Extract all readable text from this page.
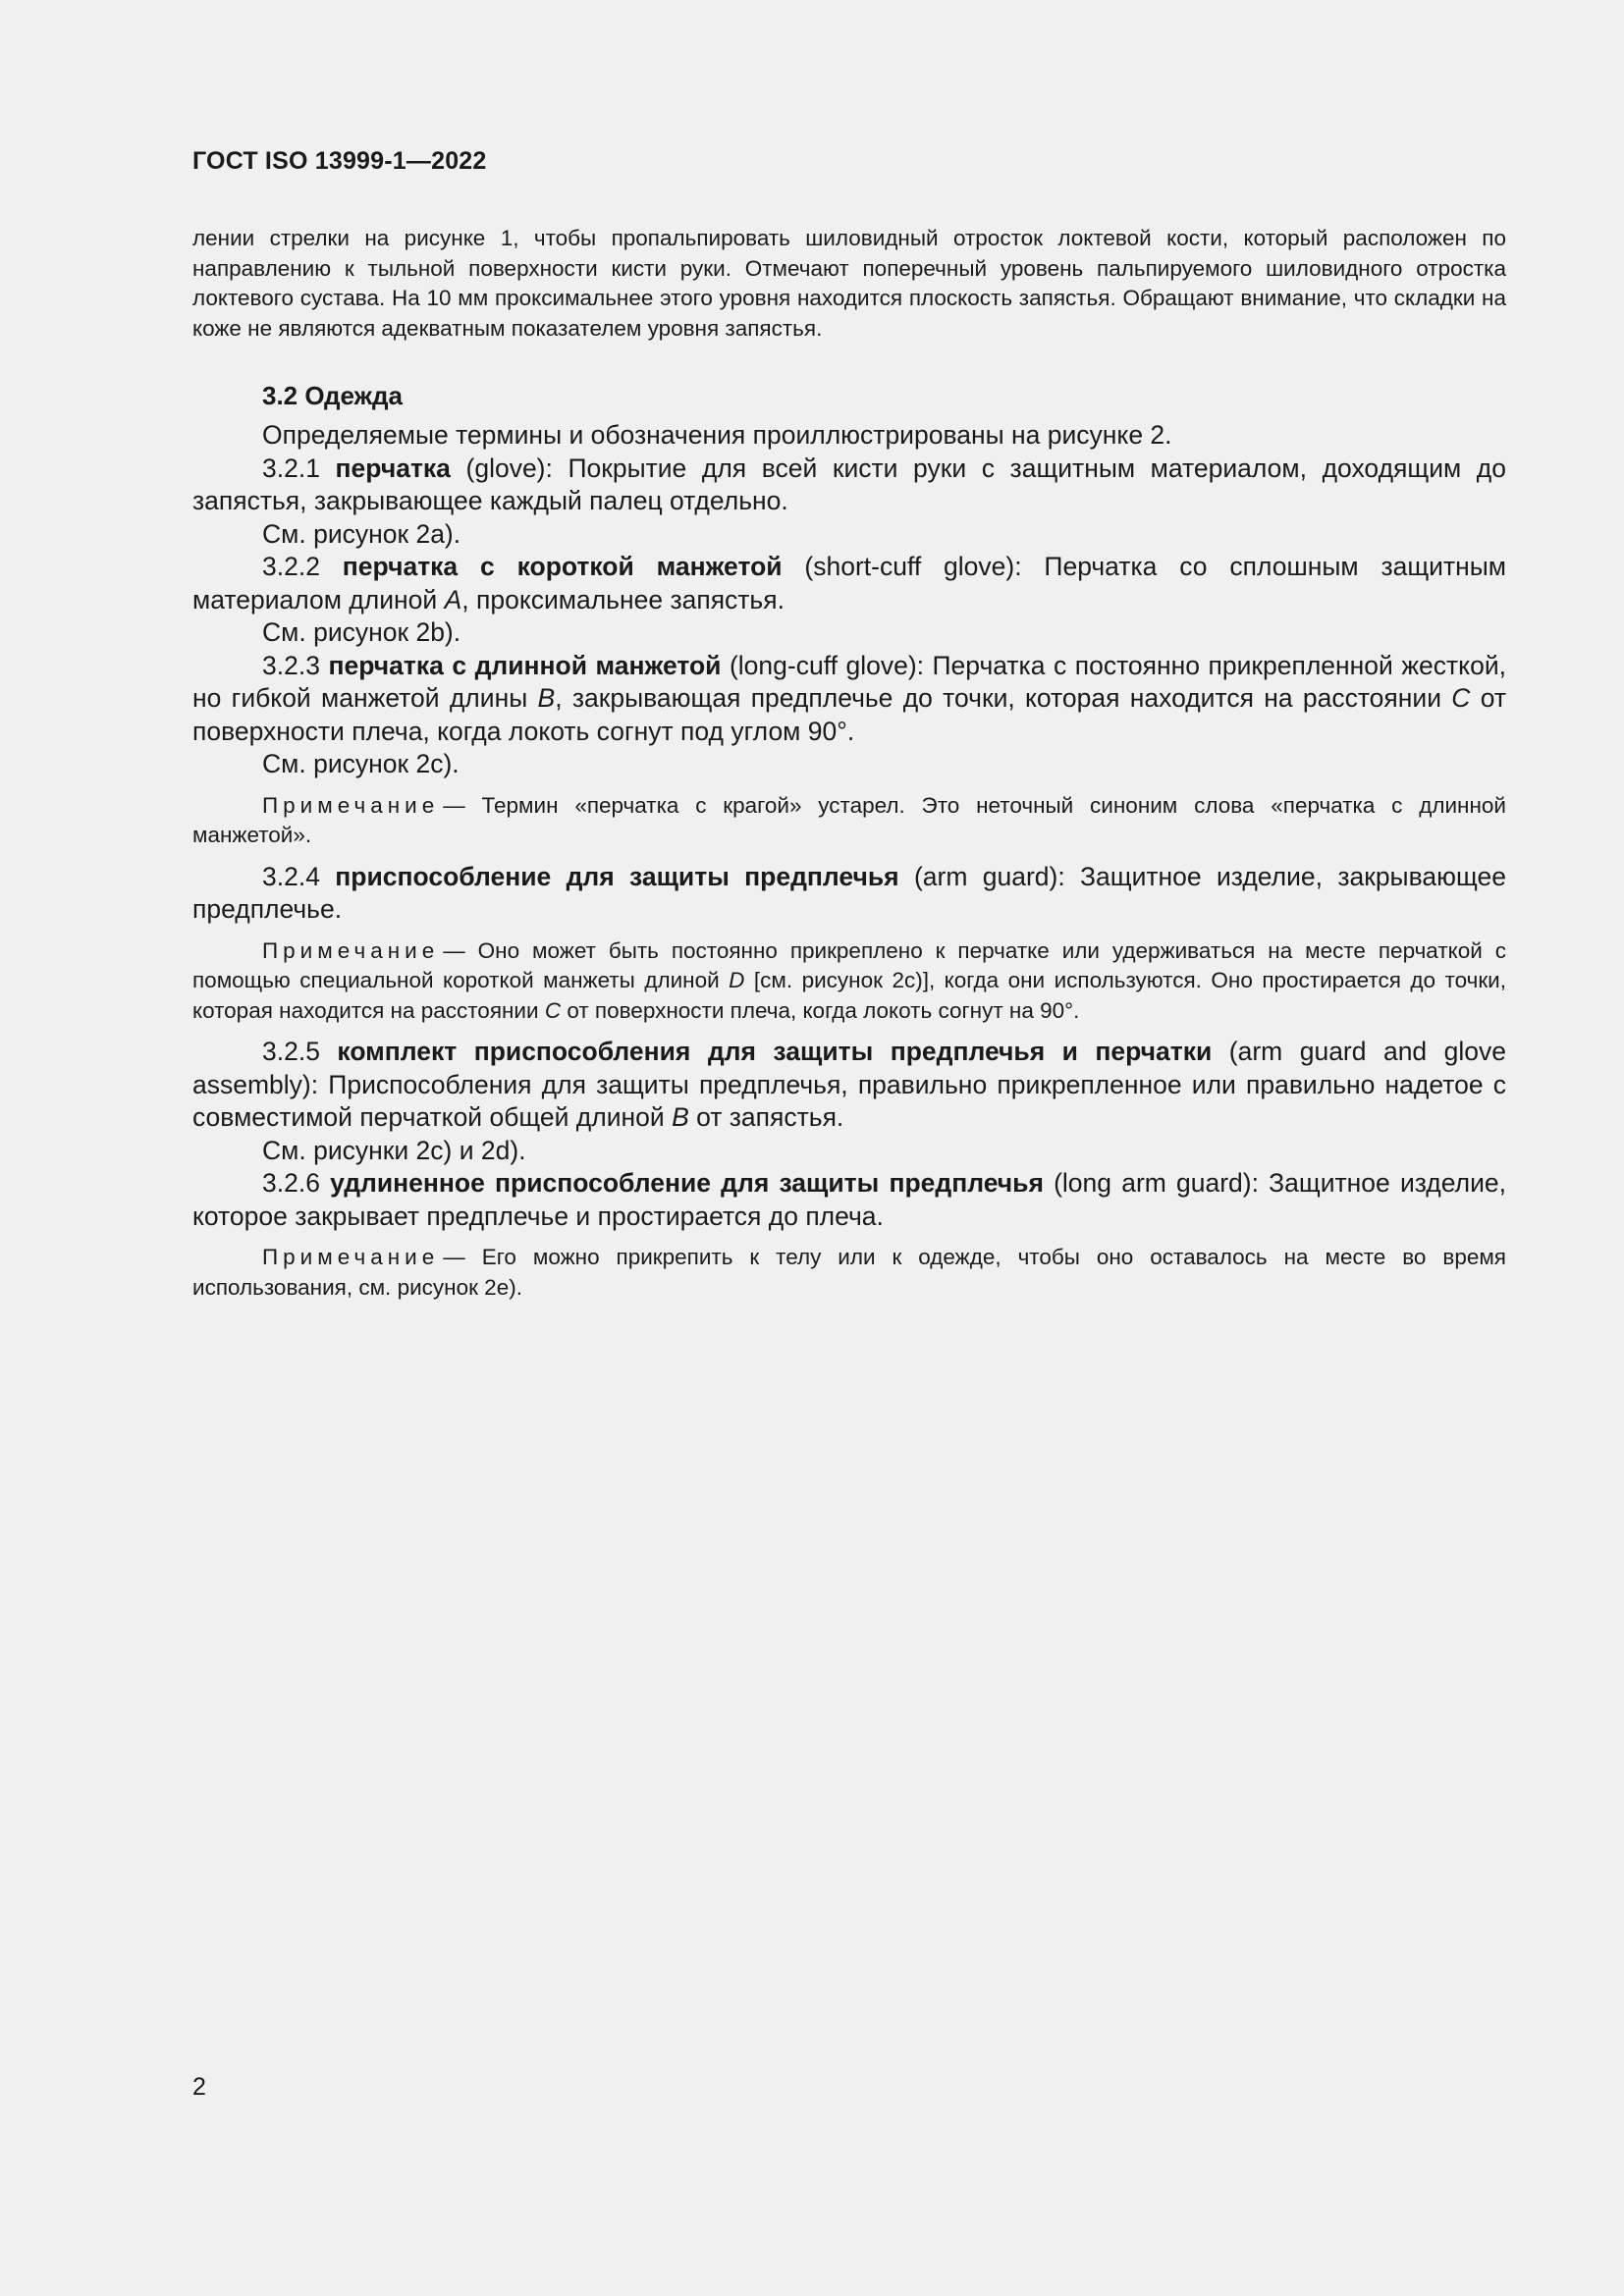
ГОСТ ISO 13999-1—2022

лении стрелки на рисунке 1, чтобы пропальпировать шиловидный отросток локтевой кости, который расположен по направлению к тыльной поверхности кисти руки. Отмечают поперечный уровень пальпируемого шиловидного отростка локтевого сустава. На 10 мм проксимальнее этого уровня находится плоскость запястья. Обращают внимание, что складки на коже не являются адекватным показателем уровня запястья.

3.2 Одежда

Определяемые термины и обозначения проиллюстрированы на рисунке 2.

3.2.1 перчатка (glove): Покрытие для всей кисти руки с защитным материалом, доходящим до запястья, закрывающее каждый палец отдельно.

См. рисунок 2а).

3.2.2 перчатка с короткой манжетой (short-cuff glove): Перчатка со сплошным защитным материалом длиной A, проксимальнее запястья.

См. рисунок 2b).

3.2.3 перчатка с длинной манжетой (long-cuff glove): Перчатка с постоянно прикрепленной жесткой, но гибкой манжетой длины B, закрывающая предплечье до точки, которая находится на расстоянии C от поверхности плеча, когда локоть согнут под углом 90°.

См. рисунок 2c).

Примечание — Термин «перчатка с крагой» устарел. Это неточный синоним слова «перчатка с длинной манжетой».

3.2.4 приспособление для защиты предплечья (arm guard): Защитное изделие, закрывающее предплечье.

Примечание — Оно может быть постоянно прикреплено к перчатке или удерживаться на месте перчаткой с помощью специальной короткой манжеты длиной D [см. рисунок 2с)], когда они используются. Оно простирается до точки, которая находится на расстоянии C от поверхности плеча, когда локоть согнут на 90°.

3.2.5 комплект приспособления для защиты предплечья и перчатки (arm guard and glove assembly): Приспособления для защиты предплечья, правильно прикрепленное или правильно надетое с совместимой перчаткой общей длиной B от запястья.

См. рисунки 2с) и 2d).

3.2.6 удлиненное приспособление для защиты предплечья (long arm guard): Защитное изделие, которое закрывает предплечье и простирается до плеча.

Примечание — Его можно прикрепить к телу или к одежде, чтобы оно оставалось на месте во время использования, см. рисунок 2е).

2
